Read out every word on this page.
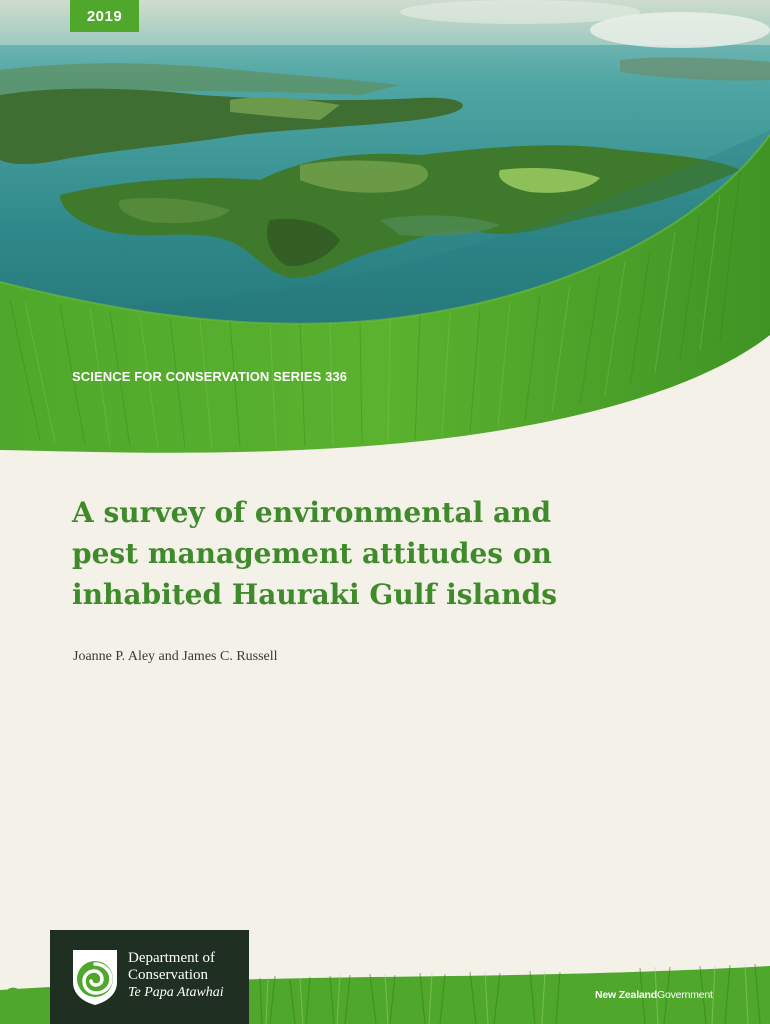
2019
SCIENCE FOR CONSERVATION SERIES 336
A survey of environmental and
pest management attitudes on
inhabited Hauraki Gulf islands
Joanne P. Aley and James C. Russell
Department of
Conservation
Te Papa Atawhai	New ZealandGovernment
